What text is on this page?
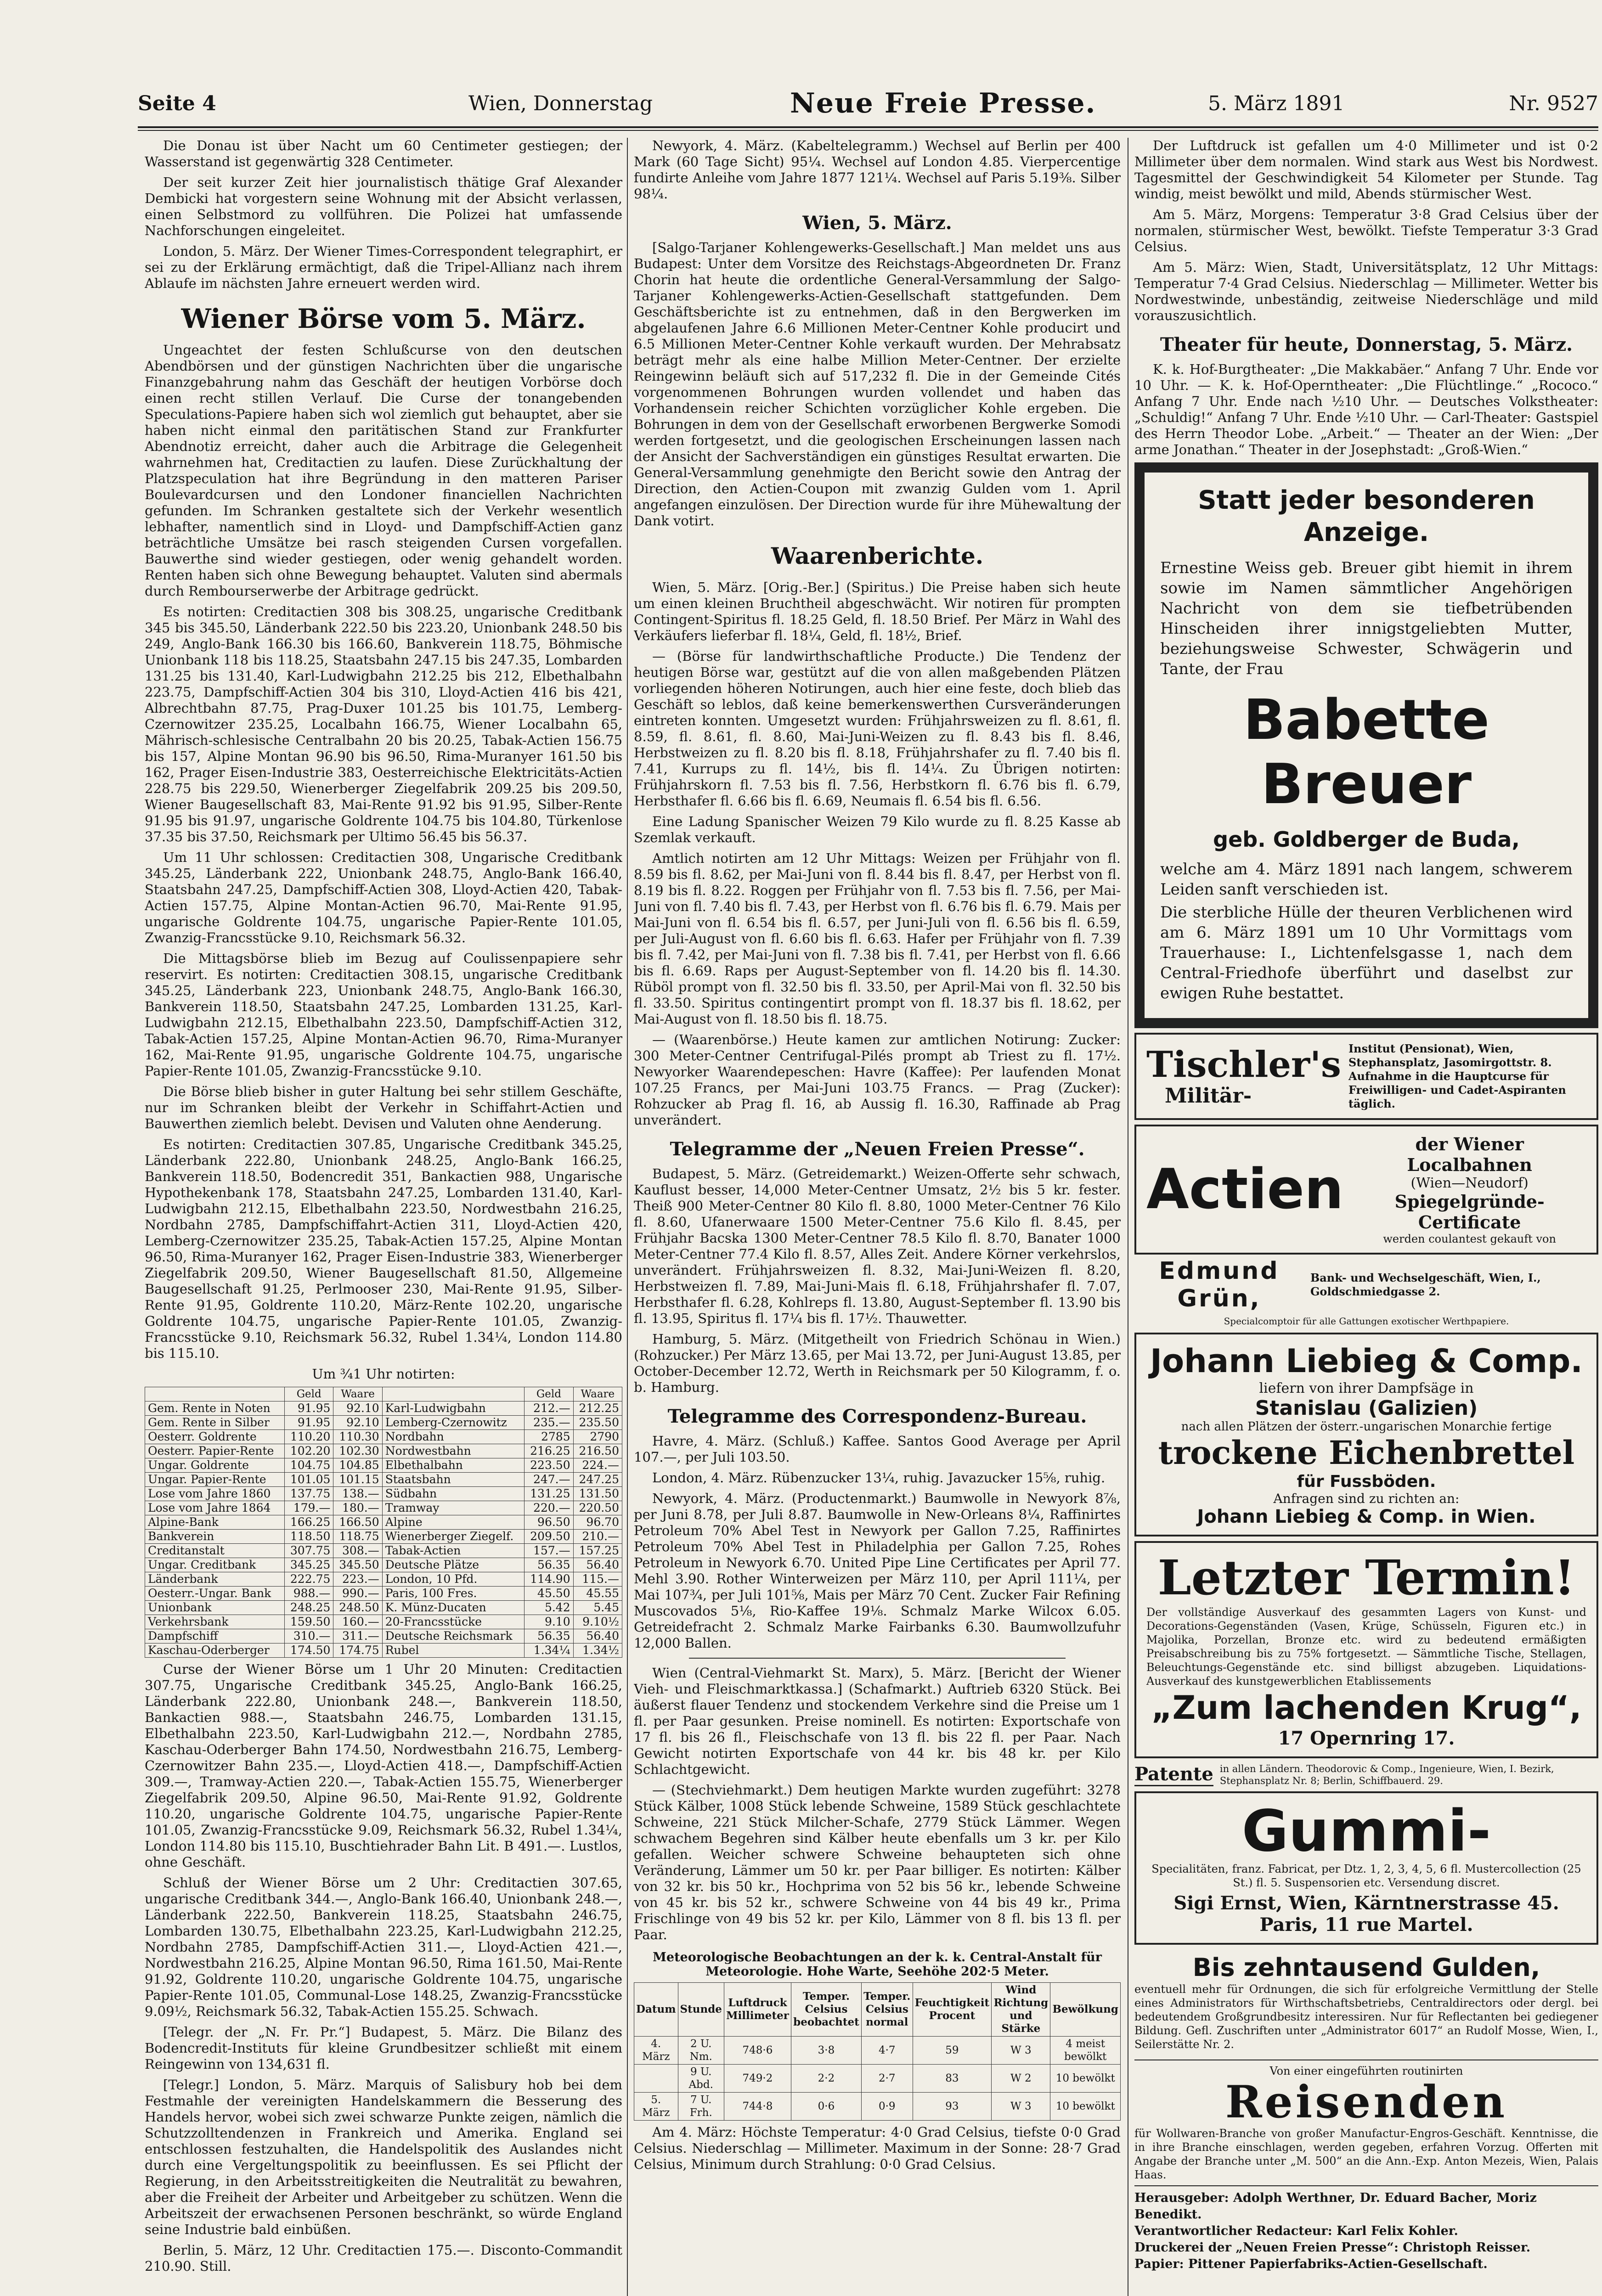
Seite 4	Wien, Donnerstag	Neue Freie Presse.	5. März 1891	Nr. 9527

Die Donau ist über Nacht um 60 Centimeter gestiegen; der Wasserstand ist gegenwärtig 328 Centimeter.

Der seit kurzer Zeit hier journalistisch thätige Graf Alexander Dembicki hat vorgestern seine Wohnung mit der Absicht verlassen, einen Selbstmord zu vollführen. Die Polizei hat umfassende Nachforschungen eingeleitet.

London, 5. März. Der Wiener Times-Correspondent telegraphirt, er sei zu der Erklärung ermächtigt, daß die Tripel-Allianz nach ihrem Ablaufe im nächsten Jahre erneuert werden wird.

Wiener Börse vom 5. März.

Ungeachtet der festen Schlußcurse von den deutschen Abendbörsen und der günstigen Nachrichten über die ungarische Finanzgebahrung nahm das Geschäft der heutigen Vorbörse doch einen recht stillen Verlauf. Die Curse der tonangebenden Speculations-Papiere haben sich wol ziemlich gut behauptet, aber sie haben nicht einmal den paritätischen Stand zur Frankfurter Abendnotiz erreicht, daher auch die Arbitrage die Gelegenheit wahrnehmen hat, Creditactien zu laufen. Diese Zurückhaltung der Platzspeculation hat ihre Begründung in den matteren Pariser Boulevardcursen und den Londoner financiellen Nachrichten gefunden. Im Schranken gestaltete sich der Verkehr wesentlich lebhafter, namentlich sind in Lloyd- und Dampfschiff-Actien ganz beträchtliche Umsätze bei rasch steigenden Cursen vorgefallen. Bauwerthe sind wieder gestiegen, oder wenig gehandelt worden. Renten haben sich ohne Bewegung behauptet. Valuten sind abermals durch Rembourserwerbe der Arbitrage gedrückt.

Es notirten: Creditactien 308 bis 308.25, ungarische Creditbank 345 bis 345.50, Länderbank 222.50 bis 223.20, Unionbank 248.50 bis 249, Anglo-Bank 166.30 bis 166.60, Bankverein 118.75, Böhmische Unionbank 118 bis 118.25, Staatsbahn 247.15 bis 247.35, Lombarden 131.25 bis 131.40, Karl-Ludwigbahn 212.25 bis 212, Elbethalbahn 223.75, Dampfschiff-Actien 304 bis 310, Lloyd-Actien 416 bis 421, Albrechtbahn 87.75, Prag-Duxer 101.25 bis 101.75, Lemberg-Czernowitzer 235.25, Localbahn 166.75, Wiener Localbahn 65, Mährisch-schlesische Centralbahn 20 bis 20.25, Tabak-Actien 156.75 bis 157, Alpine Montan 96.90 bis 96.50, Rima-Muranyer 161.50 bis 162, Prager Eisen-Industrie 383, Oesterreichische Elektricitäts-Actien 228.75 bis 229.50, Wienerberger Ziegelfabrik 209.25 bis 209.50, Wiener Baugesellschaft 83, Mai-Rente 91.92 bis 91.95, Silber-Rente 91.95 bis 91.97, ungarische Goldrente 104.75 bis 104.80, Türkenlose 37.35 bis 37.50, Reichsmark per Ultimo 56.45 bis 56.37.

Um 11 Uhr schlossen: Creditactien 308, Ungarische Creditbank 345.25, Länderbank 222, Unionbank 248.75, Anglo-Bank 166.40, Staatsbahn 247.25, Dampfschiff-Actien 308, Lloyd-Actien 420, Tabak-Actien 157.75, Alpine Montan-Actien 96.70, Mai-Rente 91.95, ungarische Goldrente 104.75, ungarische Papier-Rente 101.05, Zwanzig-Francsstücke 9.10, Reichsmark 56.32.

Die Mittagsbörse blieb im Bezug auf Coulissenpapiere sehr reservirt. Es notirten: Creditactien 308.15, ungarische Creditbank 345.25, Länderbank 223, Unionbank 248.75, Anglo-Bank 166.30, Bankverein 118.50, Staatsbahn 247.25, Lombarden 131.25, Karl-Ludwigbahn 212.15, Elbethalbahn 223.50, Dampfschiff-Actien 312, Tabak-Actien 157.25, Alpine Montan-Actien 96.70, Rima-Muranyer 162, Mai-Rente 91.95, ungarische Goldrente 104.75, ungarische Papier-Rente 101.05, Zwanzig-Francsstücke 9.10.

Die Börse blieb bisher in guter Haltung bei sehr stillem Geschäfte, nur im Schranken bleibt der Verkehr in Schiffahrt-Actien und Bauwerthen ziemlich belebt. Devisen und Valuten ohne Aenderung.

Es notirten: Creditactien 307.85, Ungarische Creditbank 345.25, Länderbank 222.80, Unionbank 248.25, Anglo-Bank 166.25, Bankverein 118.50, Bodencredit 351, Bankactien 988, Ungarische Hypothekenbank 178, Staatsbahn 247.25, Lombarden 131.40, Karl-Ludwigbahn 212.15, Elbethalbahn 223.50, Nordwestbahn 216.25, Nordbahn 2785, Dampfschiffahrt-Actien 311, Lloyd-Actien 420, Lemberg-Czernowitzer 235.25, Tabak-Actien 157.25, Alpine Montan 96.50, Rima-Muranyer 162, Prager Eisen-Industrie 383, Wienerberger Ziegelfabrik 209.50, Wiener Baugesellschaft 81.50, Allgemeine Baugesellschaft 91.25, Perlmooser 230, Mai-Rente 91.95, Silber-Rente 91.95, Goldrente 110.20, März-Rente 102.20, ungarische Goldrente 104.75, ungarische Papier-Rente 101.05, Zwanzig-Francsstücke 9.10, Reichsmark 56.32, Rubel 1.34¼, London 114.80 bis 115.10.

Um ¾1 Uhr notirten:

	Geld	Waare		Geld	Waare
Gem. Rente in Noten	91.95	92.10	Karl-Ludwigbahn	212.—	212.25
Gem. Rente in Silber	91.95	92.10	Lemberg-Czernowitz	235.—	235.50
Oesterr. Goldrente	110.20	110.30	Nordbahn	2785	2790
Oesterr. Papier-Rente	102.20	102.30	Nordwestbahn	216.25	216.50
Ungar. Goldrente	104.75	104.85	Elbethalbahn	223.50	224.—
Ungar. Papier-Rente	101.05	101.15	Staatsbahn	247.—	247.25
Lose vom Jahre 1860	137.75	138.—	Südbahn	131.25	131.50
Lose vom Jahre 1864	179.—	180.—	Tramway	220.—	220.50
Alpine-Bank	166.25	166.50	Alpine	96.50	96.70
Bankverein	118.50	118.75	Wienerberger Ziegelf.	209.50	210.—
Creditanstalt	307.75	308.—	Tabak-Actien	157.—	157.25
Ungar. Creditbank	345.25	345.50	Deutsche Plätze	56.35	56.40
Länderbank	222.75	223.—	London, 10 Pfd.	114.90	115.—
Oesterr.-Ungar. Bank	988.—	990.—	Paris, 100 Fres.	45.50	45.55
Unionbank	248.25	248.50	K. Münz-Ducaten	5.42	5.45
Verkehrsbank	159.50	160.—	20-Francsstücke	9.10	9.10½
Dampfschiff	310.—	311.—	Deutsche Reichsmark	56.35	56.40
Kaschau-Oderberger	174.50	174.75	Rubel	1.34¼	1.34½

Curse der Wiener Börse um 1 Uhr 20 Minuten: Creditactien 307.75, Ungarische Creditbank 345.25, Anglo-Bank 166.25, Länderbank 222.80, Unionbank 248.—, Bankverein 118.50, Bankactien 988.—, Staatsbahn 246.75, Lombarden 131.15, Elbethalbahn 223.50, Karl-Ludwigbahn 212.—, Nordbahn 2785, Kaschau-Oderberger Bahn 174.50, Nordwestbahn 216.75, Lemberg-Czernowitzer Bahn 235.—, Lloyd-Actien 418.—, Dampfschiff-Actien 309.—, Tramway-Actien 220.—, Tabak-Actien 155.75, Wienerberger Ziegelfabrik 209.50, Alpine 96.50, Mai-Rente 91.92, Goldrente 110.20, ungarische Goldrente 104.75, ungarische Papier-Rente 101.05, Zwanzig-Francsstücke 9.09, Reichsmark 56.32, Rubel 1.34¼, London 114.80 bis 115.10, Buschtiehrader Bahn Lit. B 491.—. Lustlos, ohne Geschäft.

Schluß der Wiener Börse um 2 Uhr: Creditactien 307.65, ungarische Creditbank 344.—, Anglo-Bank 166.40, Unionbank 248.—, Länderbank 222.50, Bankverein 118.25, Staatsbahn 246.75, Lombarden 130.75, Elbethalbahn 223.25, Karl-Ludwigbahn 212.25, Nordbahn 2785, Dampfschiff-Actien 311.—, Lloyd-Actien 421.—, Nordwestbahn 216.25, Alpine Montan 96.50, Rima 161.50, Mai-Rente 91.92, Goldrente 110.20, ungarische Goldrente 104.75, ungarische Papier-Rente 101.05, Communal-Lose 148.25, Zwanzig-Francsstücke 9.09½, Reichsmark 56.32, Tabak-Actien 155.25. Schwach.

[Telegr. der „N. Fr. Pr.“] Budapest, 5. März. Die Bilanz des Bodencredit-Instituts für kleine Grundbesitzer schließt mit einem Reingewinn von 134,631 fl.

[Telegr.] London, 5. März. Marquis of Salisbury hob bei dem Festmahle der vereinigten Handelskammern die Besserung des Handels hervor, wobei sich zwei schwarze Punkte zeigen, nämlich die Schutzzolltendenzen in Frankreich und Amerika. England sei entschlossen festzuhalten, die Handelspolitik des Auslandes nicht durch eine Vergeltungspolitik zu beeinflussen. Es sei Pflicht der Regierung, in den Arbeitsstreitigkeiten die Neutralität zu bewahren, aber die Freiheit der Arbeiter und Arbeitgeber zu schützen. Wenn die Arbeitszeit der erwachsenen Personen beschränkt, so würde England seine Industrie bald einbüßen.

Berlin, 5. März, 12 Uhr. Creditactien 175.—. Disconto-Commandit 210.90. Still.

Newyork, 4. März. (Kabeltelegramm.) Wechsel auf Berlin per 400 Mark (60 Tage Sicht) 95¼. Wechsel auf London 4.85. Vierpercentige fundirte Anleihe vom Jahre 1877 121¼. Wechsel auf Paris 5.19⅜. Silber 98¼.

Wien, 5. März.

[Salgo-Tarjaner Kohlengewerks-Gesellschaft.] Man meldet uns aus Budapest: Unter dem Vorsitze des Reichstags-Abgeordneten Dr. Franz Chorin hat heute die ordentliche General-Versammlung der Salgo-Tarjaner Kohlengewerks-Actien-Gesellschaft stattgefunden. Dem Geschäftsberichte ist zu entnehmen, daß in den Bergwerken im abgelaufenen Jahre 6.6 Millionen Meter-Centner Kohle producirt und 6.5 Millionen Meter-Centner Kohle verkauft wurden. Der Mehrabsatz beträgt mehr als eine halbe Million Meter-Centner. Der erzielte Reingewinn beläuft sich auf 517,232 fl. Die in der Gemeinde Cités vorgenommenen Bohrungen wurden vollendet und haben das Vorhandensein reicher Schichten vorzüglicher Kohle ergeben. Die Bohrungen in dem von der Gesellschaft erworbenen Bergwerke Somodi werden fortgesetzt, und die geologischen Erscheinungen lassen nach der Ansicht der Sachverständigen ein günstiges Resultat erwarten. Die General-Versammlung genehmigte den Bericht sowie den Antrag der Direction, den Actien-Coupon mit zwanzig Gulden vom 1. April angefangen einzulösen. Der Direction wurde für ihre Mühewaltung der Dank votirt.

Waarenberichte.

Wien, 5. März. [Orig.-Ber.] (Spiritus.) Die Preise haben sich heute um einen kleinen Bruchtheil abgeschwächt. Wir notiren für prompten Contingent-Spiritus fl. 18.25 Geld, fl. 18.50 Brief. Per März in Wahl des Verkäufers lieferbar fl. 18¼, Geld, fl. 18½, Brief.

— (Börse für landwirthschaftliche Producte.) Die Tendenz der heutigen Börse war, gestützt auf die von allen maßgebenden Plätzen vorliegenden höheren Notirungen, auch hier eine feste, doch blieb das Geschäft so leblos, daß keine bemerkenswerthen Cursveränderungen eintreten konnten. Umgesetzt wurden: Frühjahrsweizen zu fl. 8.61, fl. 8.59, fl. 8.61, fl. 8.60, Mai-Juni-Weizen zu fl. 8.43 bis fl. 8.46, Herbstweizen zu fl. 8.20 bis fl. 8.18, Frühjahrshafer zu fl. 7.40 bis fl. 7.41, Kurrups zu fl. 14½, bis fl. 14¼. Zu Übrigen notirten: Frühjahrskorn fl. 7.53 bis fl. 7.56, Herbstkorn fl. 6.76 bis fl. 6.79, Herbsthafer fl. 6.66 bis fl. 6.69, Neumais fl. 6.54 bis fl. 6.56.

Eine Ladung Spanischer Weizen 79 Kilo wurde zu fl. 8.25 Kasse ab Szemlak verkauft.

Amtlich notirten am 12 Uhr Mittags: Weizen per Frühjahr von fl. 8.59 bis fl. 8.62, per Mai-Juni von fl. 8.44 bis fl. 8.47, per Herbst von fl. 8.19 bis fl. 8.22. Roggen per Frühjahr von fl. 7.53 bis fl. 7.56, per Mai-Juni von fl. 7.40 bis fl. 7.43, per Herbst von fl. 6.76 bis fl. 6.79. Mais per Mai-Juni von fl. 6.54 bis fl. 6.57, per Juni-Juli von fl. 6.56 bis fl. 6.59, per Juli-August von fl. 6.60 bis fl. 6.63. Hafer per Frühjahr von fl. 7.39 bis fl. 7.42, per Mai-Juni von fl. 7.38 bis fl. 7.41, per Herbst von fl. 6.66 bis fl. 6.69. Raps per August-September von fl. 14.20 bis fl. 14.30. Rüböl prompt von fl. 32.50 bis fl. 33.50, per April-Mai von fl. 32.50 bis fl. 33.50. Spiritus contingentirt prompt von fl. 18.37 bis fl. 18.62, per Mai-August von fl. 18.50 bis fl. 18.75.

— (Waarenbörse.) Heute kamen zur amtlichen Notirung: Zucker: 300 Meter-Centner Centrifugal-Pilés prompt ab Triest zu fl. 17½. Newyorker Waarendepeschen: Havre (Kaffee): Per laufenden Monat 107.25 Francs, per Mai-Juni 103.75 Francs. — Prag (Zucker): Rohzucker ab Prag fl. 16, ab Aussig fl. 16.30, Raffinade ab Prag unverändert.

Telegramme der „Neuen Freien Presse“.

Budapest, 5. März. (Getreidemarkt.) Weizen-Offerte sehr schwach, Kauflust besser, 14,000 Meter-Centner Umsatz, 2½ bis 5 kr. fester. Theiß 900 Meter-Centner 80 Kilo fl. 8.80, 1000 Meter-Centner 76 Kilo fl. 8.60, Ufanerwaare 1500 Meter-Centner 75.6 Kilo fl. 8.45, per Frühjahr Bacska 1300 Meter-Centner 78.5 Kilo fl. 8.70, Banater 1000 Meter-Centner 77.4 Kilo fl. 8.57, Alles Zeit. Andere Körner verkehrslos, unverändert. Frühjahrsweizen fl. 8.32, Mai-Juni-Weizen fl. 8.20, Herbstweizen fl. 7.89, Mai-Juni-Mais fl. 6.18, Frühjahrshafer fl. 7.07, Herbsthafer fl. 6.28, Kohlreps fl. 13.80, August-September fl. 13.90 bis fl. 13.95, Spiritus fl. 17¼ bis fl. 17½. Thauwetter.

Hamburg, 5. März. (Mitgetheilt von Friedrich Schönau in Wien.) (Rohzucker.) Per März 13.65, per Mai 13.72, per Juni-August 13.85, per October-December 12.72, Werth in Reichsmark per 50 Kilogramm, f. o. b. Hamburg.

Telegramme des Correspondenz-Bureau.

Havre, 4. März. (Schluß.) Kaffee. Santos Good Average per April 107.—, per Juli 103.50.

London, 4. März. Rübenzucker 13¼, ruhig. Javazucker 15⅝, ruhig.

Newyork, 4. März. (Productenmarkt.) Baumwolle in Newyork 8⅞, per Juni 8.78, per Juli 8.87. Baumwolle in New-Orleans 8¼, Raffinirtes Petroleum 70% Abel Test in Newyork per Gallon 7.25, Raffinirtes Petroleum 70% Abel Test in Philadelphia per Gallon 7.25, Rohes Petroleum in Newyork 6.70. United Pipe Line Certificates per April 77. Mehl 3.90. Rother Winterweizen per März 110, per April 111¼, per Mai 107¾, per Juli 101⅝, Mais per März 70 Cent. Zucker Fair Refining Muscovados 5⅛, Rio-Kaffee 19⅛. Schmalz Marke Wilcox 6.05. Getreidefracht 2. Schmalz Marke Fairbanks 6.30. Baumwollzufuhr 12,000 Ballen.

Wien (Central-Viehmarkt St. Marx), 5. März. [Bericht der Wiener Vieh- und Fleischmarktkassa.] (Schafmarkt.) Auftrieb 6320 Stück. Bei äußerst flauer Tendenz und stockendem Verkehre sind die Preise um 1 fl. per Paar gesunken. Preise nominell. Es notirten: Exportschafe von 17 fl. bis 26 fl., Fleischschafe von 13 fl. bis 22 fl. per Paar. Nach Gewicht notirten Exportschafe von 44 kr. bis 48 kr. per Kilo Schlachtgewicht.

— (Stechviehmarkt.) Dem heutigen Markte wurden zugeführt: 3278 Stück Kälber, 1008 Stück lebende Schweine, 1589 Stück geschlachtete Schweine, 221 Stück Milcher-Schafe, 2779 Stück Lämmer. Wegen schwachem Begehren sind Kälber heute ebenfalls um 3 kr. per Kilo gefallen. Weicher schwere Schweine behaupteten sich ohne Veränderung, Lämmer um 50 kr. per Paar billiger. Es notirten: Kälber von 32 kr. bis 50 kr., Hochprima von 52 bis 56 kr., lebende Schweine von 45 kr. bis 52 kr., schwere Schweine von 44 bis 49 kr., Prima Frischlinge von 49 bis 52 kr. per Kilo, Lämmer von 8 fl. bis 13 fl. per Paar.

Meteorologische Beobachtungen an der k. k. Central-Anstalt für Meteorologie. Hohe Warte, Seehöhe 202·5 Meter.
Datum	Stunde	Luftdruck Millimeter	Temper. Celsius beobachtet	Temper. Celsius normal	Feuchtigkeit Procent	Wind Richtung und Stärke	Bewölkung
4. März	2 U. Nm.	748·6	3·8	4·7	59	W 3	4 meist bewölkt
	9 U. Abd.	749·2	2·2	2·7	83	W 2	10 bewölkt
5. März	7 U. Frh.	744·8	0·6	0·9	93	W 3	10 bewölkt

Am 4. März: Höchste Temperatur: 4·0 Grad Celsius, tiefste 0·0 Grad Celsius. Niederschlag — Millimeter. Maximum in der Sonne: 28·7 Grad Celsius, Minimum durch Strahlung: 0·0 Grad Celsius.

Der Luftdruck ist gefallen um 4·0 Millimeter und ist 0·2 Millimeter über dem normalen. Wind stark aus West bis Nordwest. Tagesmittel der Geschwindigkeit 54 Kilometer per Stunde. Tag windig, meist bewölkt und mild, Abends stürmischer West.

Am 5. März, Morgens: Temperatur 3·8 Grad Celsius über der normalen, stürmischer West, bewölkt. Tiefste Temperatur 3·3 Grad Celsius.

Am 5. März: Wien, Stadt, Universitätsplatz, 12 Uhr Mittags: Temperatur 7·4 Grad Celsius. Niederschlag — Millimeter. Wetter bis Nordwestwinde, unbeständig, zeitweise Niederschläge und mild vorauszusichtlich.

Theater für heute, Donnerstag, 5. März.

K. k. Hof-Burgtheater: „Die Makkabäer.“ Anfang 7 Uhr. Ende vor 10 Uhr. — K. k. Hof-Operntheater: „Die Flüchtlinge.“ „Rococo.“ Anfang 7 Uhr. Ende nach ½10 Uhr. — Deutsches Volkstheater: „Schuldig!“ Anfang 7 Uhr. Ende ½10 Uhr. — Carl-Theater: Gastspiel des Herrn Theodor Lobe. „Arbeit.“ — Theater an der Wien: „Der arme Jonathan.“ Theater in der Josephstadt: „Groß-Wien.“

Statt jeder besonderen Anzeige.

Ernestine Weiss geb. Breuer gibt hiemit in ihrem sowie im Namen sämmtlicher Angehörigen Nachricht von dem sie tiefbetrübenden Hinscheiden ihrer innigstgeliebten Mutter, beziehungsweise Schwester, Schwägerin und Tante, der Frau

Babette Breuer
geb. Goldberger de Buda,

welche am 4. März 1891 nach langem, schwerem Leiden sanft verschieden ist.

Die sterbliche Hülle der theuren Verblichenen wird am 6. März 1891 um 10 Uhr Vormittags vom Trauerhause: I., Lichtenfelsgasse 1, nach dem Central-Friedhofe überführt und daselbst zur ewigen Ruhe bestattet.

Tischler's
Militär-
Institut (Pensionat), Wien, Stephansplatz, Jasomirgottstr. 8. Aufnahme in die Hauptcurse für Freiwilligen- und Cadet-Aspiranten täglich.
Actien
der Wiener Localbahnen
(Wien—Neudorf)
Spiegelgründe-Certificate
werden coulantest gekauft von
Edmund Grün,
Bank- und Wechselgeschäft, Wien, I., Goldschmiedgasse 2.
Specialcomptoir für alle Gattungen exotischer Werthpapiere.
Johann Liebieg & Comp.
liefern von ihrer Dampfsäge in
Stanislau (Galizien)
nach allen Plätzen der österr.-ungarischen Monarchie fertige
trockene Eichenbrettel
für Fussböden.
Anfragen sind zu richten an:
Johann Liebieg & Comp. in Wien.
Letzter Termin!
Der vollständige Ausverkauf des gesammten Lagers von Kunst- und Decorations-Gegenständen (Vasen, Krüge, Schüsseln, Figuren etc.) in Majolika, Porzellan, Bronze etc. wird zu bedeutend ermäßigten Preisabschreibung bis zu 75% fortgesetzt. — Sämmtliche Tische, Stellagen, Beleuchtungs-Gegenstände etc. sind billigst abzugeben. Liquidations-Ausverkauf des kunstgewerblichen Etablissements
„Zum lachenden Krug“,
17 Opernring 17.
Patente in allen Ländern. Theodorovic & Comp., Ingenieure, Wien, I. Bezirk, Stephansplatz Nr. 8; Berlin, Schiffbauerd. 29.
Gummi-
Specialitäten, franz. Fabricat, per Dtz. 1, 2, 3, 4, 5, 6 fl. Mustercollection (25 St.) fl. 5. Suspensorien etc. Versendung discret.
Sigi Ernst, Wien, Kärntnerstrasse 45. Paris, 11 rue Martel.
Bis zehntausend Gulden,
eventuell mehr für Ordnungen, die sich für erfolgreiche Vermittlung der Stelle eines Administrators für Wirthschaftsbetriebs, Centraldirectors oder dergl. bei bedeutendem Großgrundbesitz interessiren. Nur für Reflectanten bei gediegener Bildung. Gefl. Zuschriften unter „Administrator 6017“ an Rudolf Mosse, Wien, I., Seilerstätte Nr. 2.
Von einer eingeführten routinirten
Reisenden
für Wollwaren-Branche von großer Manufactur-Engros-Geschäft. Kenntnisse, die in ihre Branche einschlagen, werden gegeben, erfahren Vorzug. Offerten mit Angabe der Branche unter „M. 500“ an die Ann.-Exp. Anton Mezeis, Wien, Palais Haas.
Herausgeber: Adolph Werthner, Dr. Eduard Bacher, Moriz Benedikt.
Verantwortlicher Redacteur: Karl Felix Kohler.
Druckerei der „Neuen Freien Presse“: Christoph Reisser.
Papier: Pittener Papierfabriks-Actien-Gesellschaft.
